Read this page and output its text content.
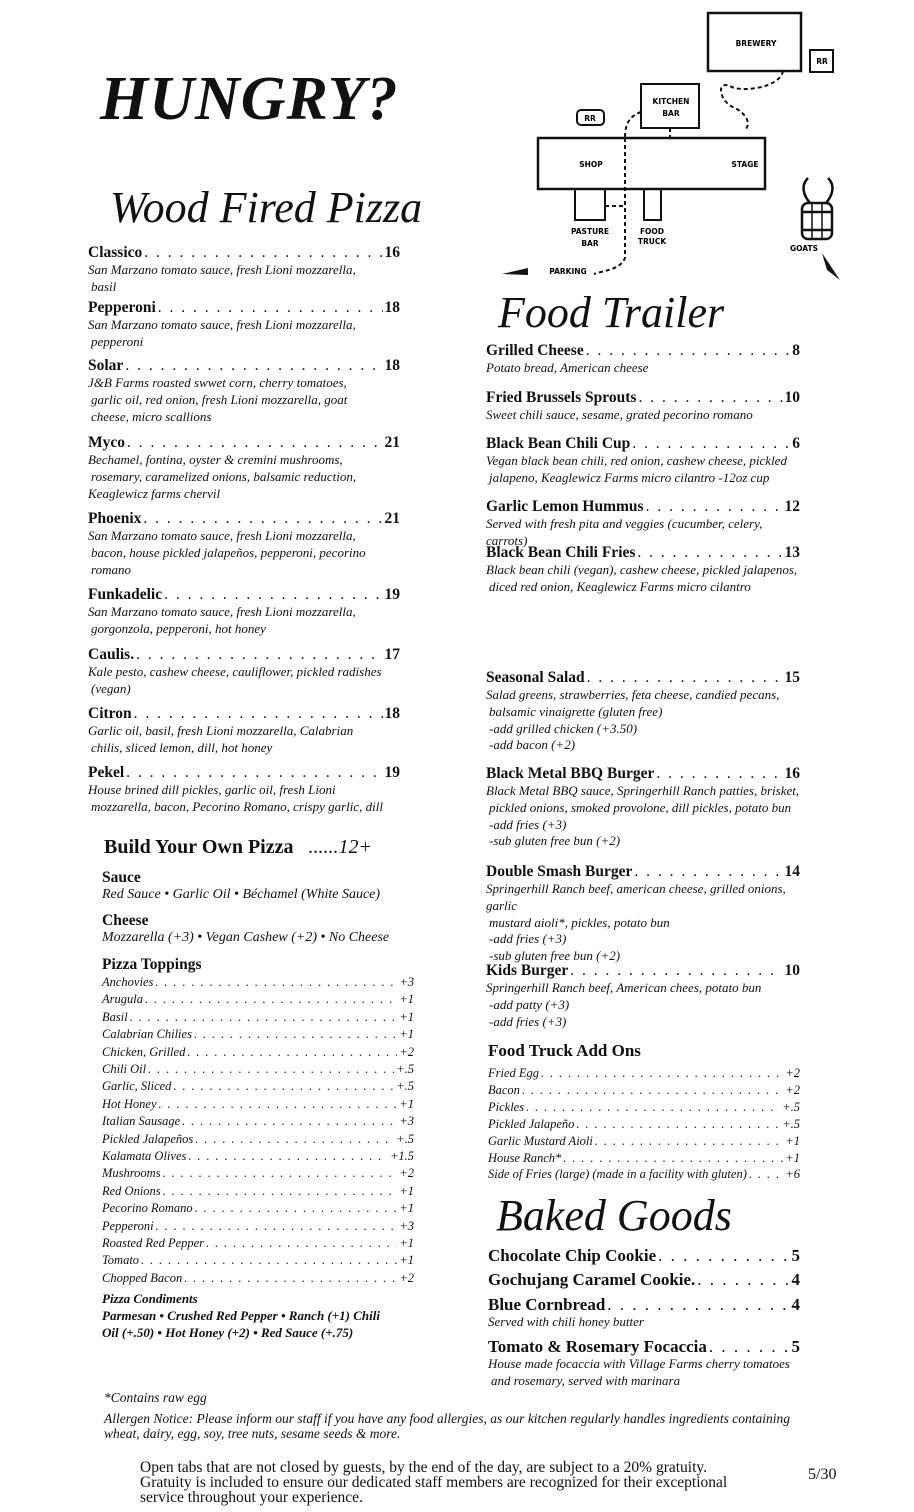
HUNGRY?
BREWERY
RR
RR
KITCHEN
BAR
SHOP	STAGE
PASTURE
BAR
FOOD
TRUCK
GOATS
PARKING
Wood Fired Pizza
Classico . . .	16
San Marzano tomato sauce, fresh Lioni mozzarella,
basil
Pepperoni . . .	18
San Marzano tomato sauce, fresh Lioni mozzarella,
pepperoni
Solar . . .	18
J&B Farms roasted swwet corn, cherry tomatoes,
garlic oil, red onion, fresh Lioni mozzarella, goat
cheese, micro scallions
Myco . . .	21
Bechamel, fontina, oyster & cremini mushrooms,
rosemary, caramelized onions, balsamic reduction,
Keaglewicz farms chervil
Phoenix . . .	21
San Marzano tomato sauce, fresh Lioni mozzarella,
bacon, house pickled jalapeños, pepperoni, pecorino
romano
Funkadelic . . .	19
San Marzano tomato sauce, fresh Lioni mozzarella,
gorgonzola, pepperoni, hot honey
Caulis. . . .	17
Kale pesto, cashew cheese, cauliflower, pickled radishes
(vegan)
Citron . . .	18
Garlic oil, basil, fresh Lioni mozzarella, Calabrian
chilis, sliced lemon, dill, hot honey
Pekel . . .	19
House brined dill pickles, garlic oil, fresh Lioni
mozzarella, bacon, Pecorino Romano, crispy garlic, dill
Build Your Own Pizza ......12+
Sauce
Red Sauce • Garlic Oil • Béchamel (White Sauce)
Cheese
Mozzarella (+3) • Vegan Cashew (+2) • No Cheese
Pizza Toppings
Anchovies . . .	+3
Arugula . . .	+1
Basil . . .	+1
Calabrian Chilies . . .	+1
Chicken, Grilled . . .	+2
Chili Oil . . .	+.5
Garlic, Sliced . . .	+.5
Hot Honey . . .	+1
Italian Sausage . . .	+3
Pickled Jalapeños . . .	+.5
Kalamata Olives . . .	+1.5
Mushrooms . . .	+2
Red Onions . . .	+1
Pecorino Romano . . .	+1
Pepperoni . . .	+3
Roasted Red Pepper . . .	+1
Tomato . . .	+1
Chopped Bacon . . .	+2
Pizza Condiments
Parmesan • Crushed Red Pepper • Ranch (+1) Chili
Oil (+.50) • Hot Honey (+2) • Red Sauce (+.75)
Food Trailer
Grilled Cheese . . .	8
Potato bread, American cheese
Fried Brussels Sprouts . . .	10
Sweet chili sauce, sesame, grated pecorino romano
Black Bean Chili Cup . . .	6
Vegan black bean chili, red onion, cashew cheese, pickled
jalapeno, Keaglewicz Farms micro cilantro -12oz cup
Garlic Lemon Hummus . . .	12
Served with fresh pita and veggies (cucumber, celery, carrots)
Black Bean Chili Fries . . .	13
Black bean chili (vegan), cashew cheese, pickled jalapenos,
diced red onion, Keaglewicz Farms micro cilantro
Seasonal Salad . . .	15
Salad greens, strawberries, feta cheese, candied pecans,
balsamic vinaigrette (gluten free)
-add grilled chicken (+3.50)
-add bacon (+2)
Black Metal BBQ Burger . . .	16
Black Metal BBQ sauce, Springerhill Ranch patties, brisket,
pickled onions, smoked provolone, dill pickles, potato bun
-add fries (+3)
-sub gluten free bun (+2)
Double Smash Burger . . .	14
Springerhill Ranch beef, american cheese, grilled onions, garlic
mustard aioli*, pickles, potato bun
-add fries (+3)
-sub gluten free bun (+2)
Kids Burger . . .	10
Springerhill Ranch beef, American chees, potato bun
-add patty (+3)
-add fries (+3)
Food Truck Add Ons
Fried Egg . . .	+2
Bacon . . .	+2
Pickles . . .	+.5
Pickled Jalapeño . . .	+.5
Garlic Mustard Aioli . . .	+1
House Ranch* . . .	+1
Side of Fries (large) (made in a facility with gluten) . . .	+6
Baked Goods
Chocolate Chip Cookie . . .	5
Gochujang Caramel Cookie. . . .	4
Blue Cornbread . . .	4
Served with chili honey butter
Tomato & Rosemary Focaccia . . .	5
House made focaccia with Village Farms cherry tomatoes
and rosemary, served with marinara
*Contains raw egg
Allergen Notice: Please inform our staff if you have any food allergies, as our kitchen regularly handles ingredients containing
wheat, dairy, egg, soy, tree nuts, sesame seeds & more.
Open tabs that are not closed by guests, by the end of the day, are subject to a 20% gratuity.
Gratuity is included to ensure our dedicated staff members are recognized for their exceptional
service throughout your experience.
5/30
